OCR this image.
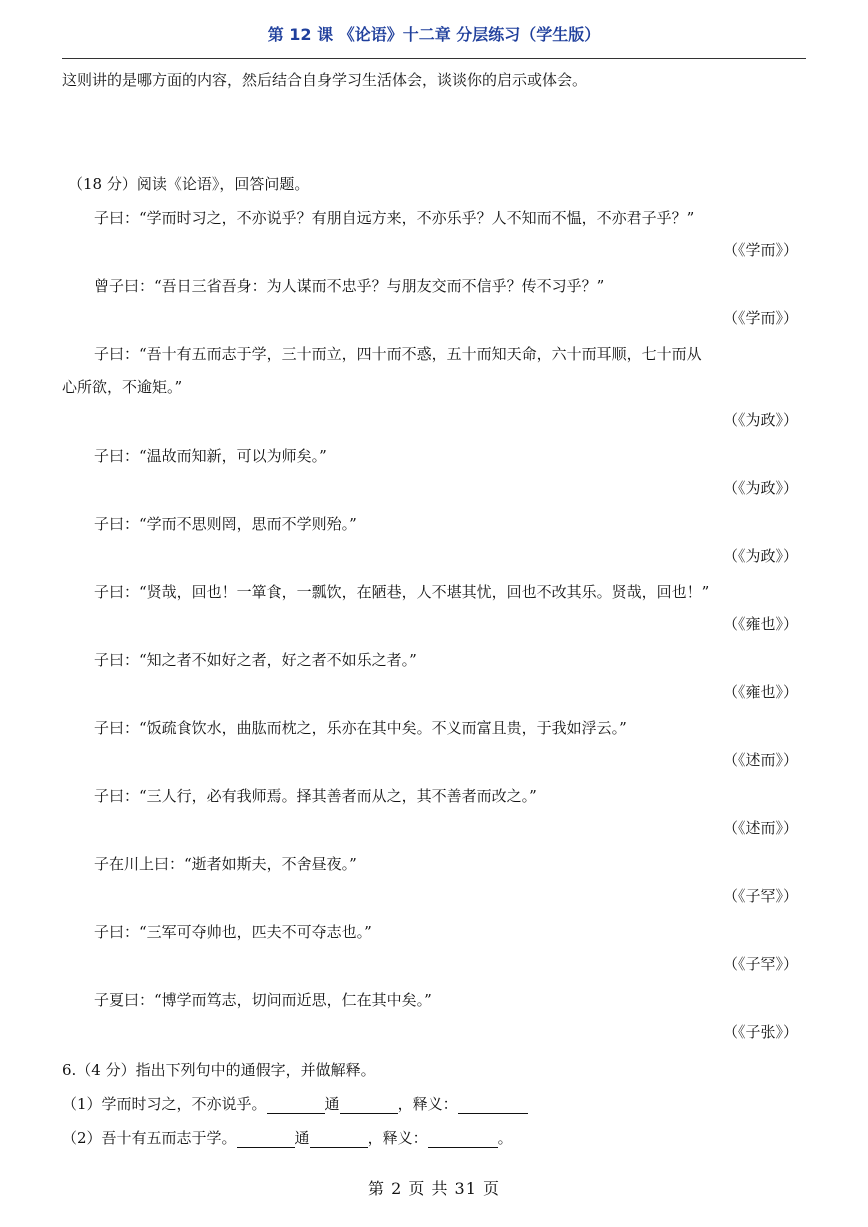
第 12 课 《论语》十二章 分层练习（学生版）
这则讲的是哪方面的内容，然后结合自身学习生活体会，谈谈你的启示或体会。
（18 分）阅读《论语》，回答问题。
子曰：“学而时习之，不亦说乎？有朋自远方来，不亦乐乎？人不知而不愠，不亦君子乎？”
（《学而》）
曾子曰：“吾日三省吾身：为人谋而不忠乎？与朋友交而不信乎？传不习乎？”
（《学而》）
子曰：“吾十有五而志于学，三十而立，四十而不惑，五十而知天命，六十而耳顺，七十而从
心所欲，不逾矩。”
（《为政》）
子曰：“温故而知新，可以为师矣。”
（《为政》）
子曰：“学而不思则罔，思而不学则殆。”
（《为政》）
子曰：“贤哉，回也！一箪食，一瓢饮，在陋巷，人不堪其忧，回也不改其乐。贤哉，回也！”
（《雍也》）
子曰：“知之者不如好之者，好之者不如乐之者。”
（《雍也》）
子曰：“饭疏食饮水，曲肱而枕之，乐亦在其中矣。不义而富且贵，于我如浮云。”
（《述而》）
子曰：“三人行，必有我师焉。择其善者而从之，其不善者而改之。”
（《述而》）
子在川上曰：“逝者如斯夫，不舍昼夜。”
（《子罕》）
子曰：“三军可夺帅也，匹夫不可夺志也。”
（《子罕》）
子夏曰：“博学而笃志，切问而近思，仁在其中矣。”
（《子张》）
6.（4 分）指出下列句中的通假字，并做解释。
（1）学而时习之，不亦说乎。	通	，释义：
（2）吾十有五而志于学。	通	，释义：	。
第 2 页 共 31 页
